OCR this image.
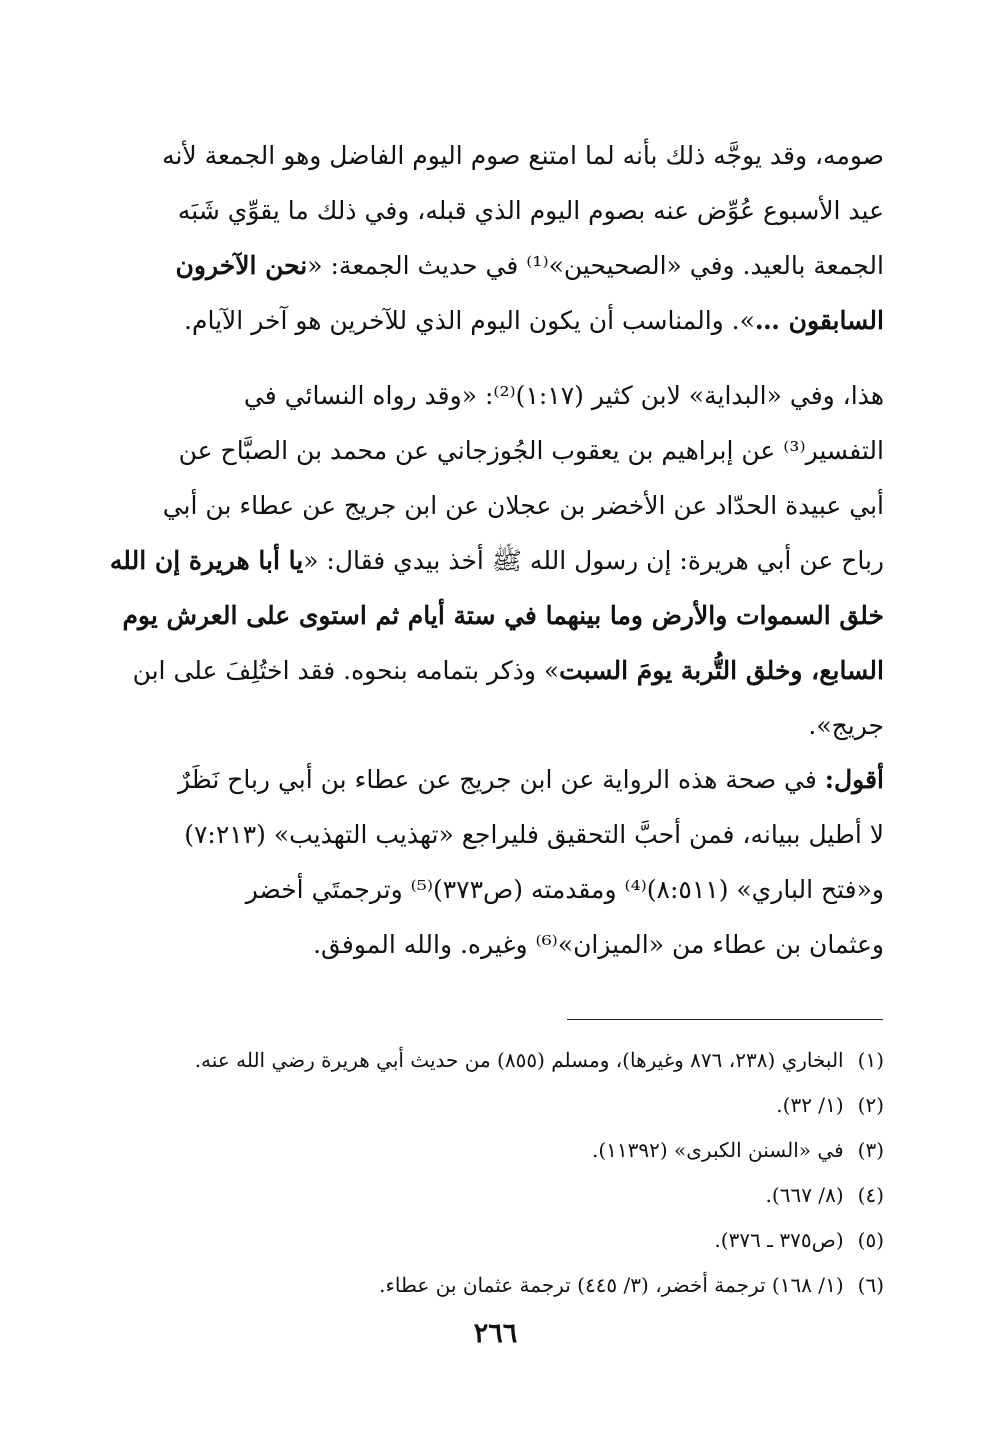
صومه، وقد يوجَّه ذلك بأنه لما امتنع صوم اليوم الفاضل وهو الجمعة لأنه
عيد الأسبوع عُوِّض عنه بصوم اليوم الذي قبله، وفي ذلك ما يقوِّي شَبَه
الجمعة بالعيد. وفي «الصحيحين»⁽¹⁾ في حديث الجمعة: «نحن الآخرون
السابقون …». والمناسب أن يكون اليوم الذي للآخرين هو آخر الآيام.
هذا، وفي «البداية» لابن كثير (١:١٧)⁽²⁾: «وقد رواه النسائي في
التفسير⁽³⁾ عن إبراهيم بن يعقوب الجُوزجاني عن محمد بن الصبَّاح عن
أبي عبيدة الحدّاد عن الأخضر بن عجلان عن ابن جريج عن عطاء بن أبي
رباح عن أبي هريرة: إن رسول الله ﷺ أخذ بيدي فقال: «يا أبا هريرة إن الله
خلق السموات والأرض وما بينهما في ستة أيام ثم استوى على العرش يوم
السابع، وخلق التُّربة يومَ السبت» وذكر بتمامه بنحوه. فقد اختُلِفَ على ابن
جريج».
أقول: في صحة هذه الرواية عن ابن جريج عن عطاء بن أبي رباح نَظَرٌ
لا أطيل ببيانه، فمن أحبَّ التحقيق فليراجع «تهذيب التهذيب» (٧:٢١٣)
و«فتح الباري» (٨:٥١١)⁽⁴⁾ ومقدمته (ص٣٧٣)⁽⁵⁾ وترجمتَي أخضر
وعثمان بن عطاء من «الميزان»⁽⁶⁾ وغيره. والله الموفق.
(١)البخاري (٢٣٨، ٨٧٦ وغيرها)، ومسلم (٨٥٥) من حديث أبي هريرة رضي الله عنه.
(٢)(١/ ٣٢).
(٣)في «السنن الكبرى» (١١٣٩٢).
(٤)(٨/ ٦٦٧).
(٥)(ص٣٧٥ ـ ٣٧٦).
(٦)(١/ ١٦٨) ترجمة أخضر، (٣/ ٤٤٥) ترجمة عثمان بن عطاء.
٢٦٦
